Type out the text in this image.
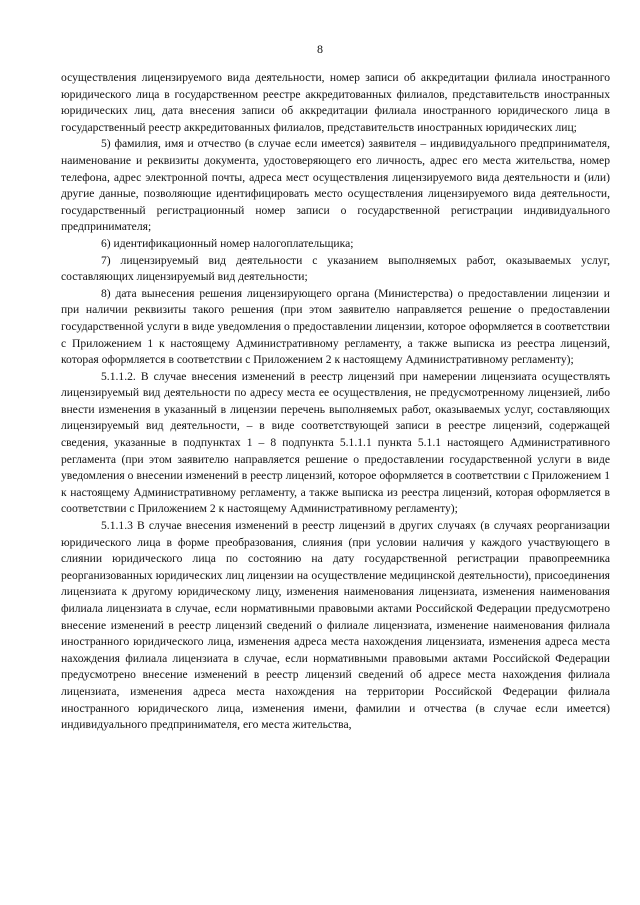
8

осуществления лицензируемого вида деятельности, номер записи об аккредитации филиала иностранного юридического лица в государственном реестре аккредитованных филиалов, представительств иностранных юридических лиц, дата внесения записи об аккредитации филиала иностранного юридического лица в государственный реестр аккредитованных филиалов, представительств иностранных юридических лиц;

5) фамилия, имя и отчество (в случае если имеется) заявителя – индивидуального предпринимателя, наименование и реквизиты документа, удостоверяющего его личность, адрес его места жительства, номер телефона, адрес электронной почты, адреса мест осуществления лицензируемого вида деятельности и (или) другие данные, позволяющие идентифицировать место осуществления лицензируемого вида деятельности, государственный регистрационный номер записи о государственной регистрации индивидуального предпринимателя;

6) идентификационный номер налогоплательщика;

7) лицензируемый вид деятельности с указанием выполняемых работ, оказываемых услуг, составляющих лицензируемый вид деятельности;

8) дата вынесения решения лицензирующего органа (Министерства) о предоставлении лицензии и при наличии реквизиты такого решения (при этом заявителю направляется решение о предоставлении государственной услуги в виде уведомления о предоставлении лицензии, которое оформляется в соответствии с Приложением 1 к настоящему Административному регламенту, а также выписка из реестра лицензий, которая оформляется в соответствии с Приложением 2 к настоящему Административному регламенту);

5.1.1.2. В случае внесения изменений в реестр лицензий при намерении лицензиата осуществлять лицензируемый вид деятельности по адресу места ее осуществления, не предусмотренному лицензией, либо внести изменения в указанный в лицензии перечень выполняемых работ, оказываемых услуг, составляющих лицензируемый вид деятельности, – в виде соответствующей записи в реестре лицензий, содержащей сведения, указанные в подпунктах 1 – 8 подпункта 5.1.1.1 пункта 5.1.1 настоящего Административного регламента (при этом заявителю направляется решение о предоставлении государственной услуги в виде уведомления о внесении изменений в реестр лицензий, которое оформляется в соответствии с Приложением 1 к настоящему Административному регламенту, а также выписка из реестра лицензий, которая оформляется в соответствии с Приложением 2 к настоящему Административному регламенту);

5.1.1.3 В случае внесения изменений в реестр лицензий в других случаях (в случаях реорганизации юридического лица в форме преобразования, слияния (при условии наличия у каждого участвующего в слиянии юридического лица по состоянию на дату государственной регистрации правопреемника реорганизованных юридических лиц лицензии на осуществление медицинской деятельности), присоединения лицензиата к другому юридическому лицу, изменения наименования лицензиата, изменения наименования филиала лицензиата в случае, если нормативными правовыми актами Российской Федерации предусмотрено внесение изменений в реестр лицензий сведений о филиале лицензиата, изменение наименования филиала иностранного юридического лица, изменения адреса места нахождения лицензиата, изменения адреса места нахождения филиала лицензиата в случае, если нормативными правовыми актами Российской Федерации предусмотрено внесение изменений в реестр лицензий сведений об адресе места нахождения филиала лицензиата, изменения адреса места нахождения на территории Российской Федерации филиала иностранного юридического лица, изменения имени, фамилии и отчества (в случае если имеется) индивидуального предпринимателя, его места жительства,
